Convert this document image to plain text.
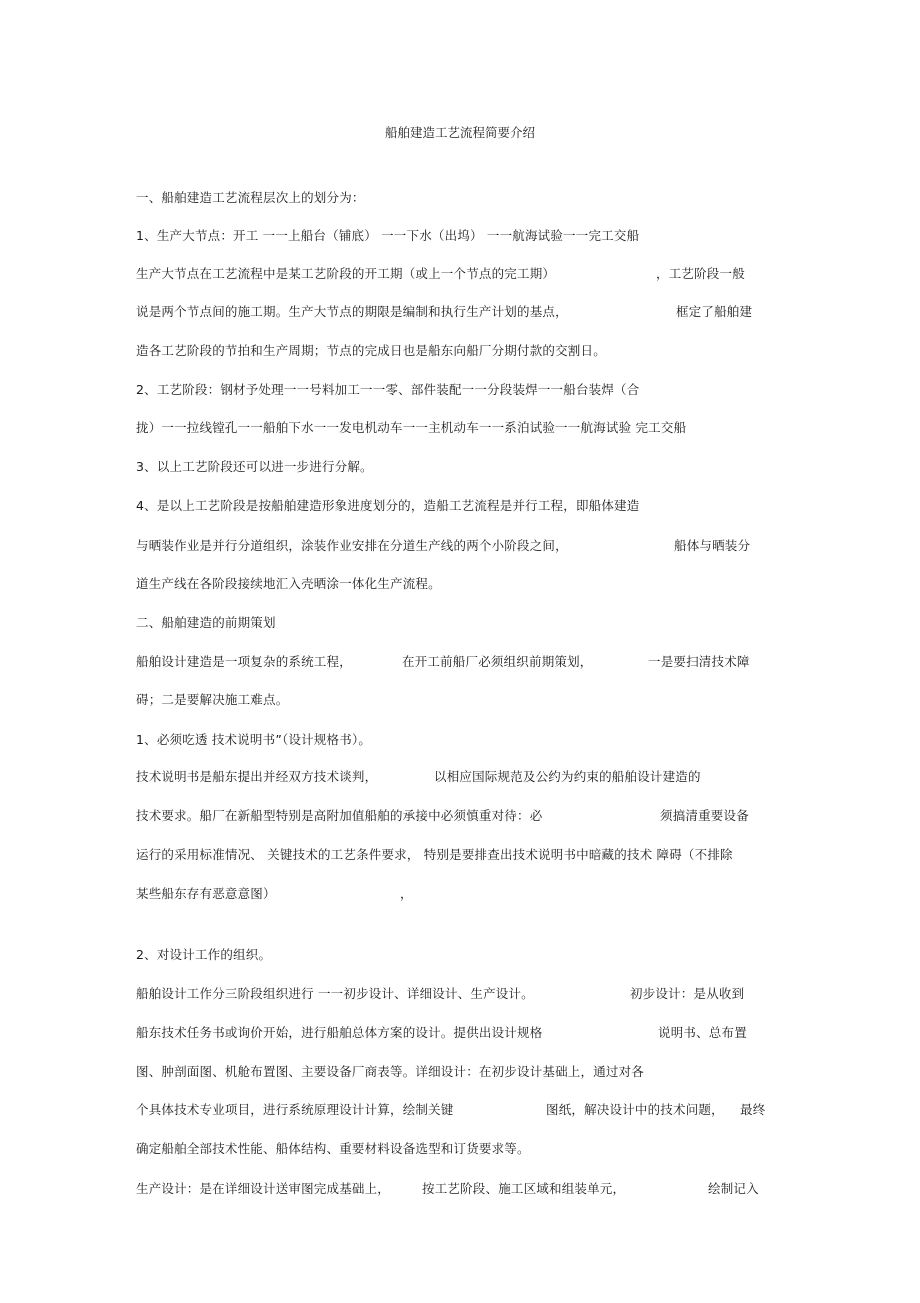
船舶建造工艺流程简要介绍
一、船舶建造工艺流程层次上的划分为：
1、生产大节点：开工 一一上船台（铺底） 一一下水（出坞） 一一航海试验一一完工交船
生产大节点在工艺流程中是某工艺阶段的开工期（或上一个节点的完工期）	，工艺阶段一般
说是两个节点间的施工期。生产大节点的期限是编制和执行生产计划的基点，	框定了船舶建
造各工艺阶段的节拍和生产周期；节点的完成日也是船东向船厂分期付款的交割日。
2、工艺阶段：钢材予处理一一号料加工一一零、部件装配一一分段装焊一一船台装焊（合
拢）一一拉线镗孔一一船舶下水一一发电机动车一一主机动车一一系泊试验一一航海试验 完工交船
3、以上工艺阶段还可以进一步进行分解。
4、是以上工艺阶段是按船舶建造形象进度划分的，造船工艺流程是并行工程，即船体建造
与晒装作业是并行分道组织，涂装作业安排在分道生产线的两个小阶段之间，	船体与晒装分
道生产线在各阶段接续地汇入壳晒涂一体化生产流程。
二、船舶建造的前期策划
船舶设计建造是一项复杂的系统工程，	在开工前船厂必须组织前期策划，	一是要扫清技术障
碍；二是要解决施工难点。
1、必须吃透 技术说明书”（设计规格书）。
技术说明书是船东提出并经双方技术谈判，	以相应国际规范及公约为约束的船舶设计建造的
技术要求。船厂在新船型特别是高附加值船舶的承接中必须慎重对待：必	须搞清重要设备
运行的采用标准情况、 关键技术的工艺条件要求， 特别是要排查出技术说明书中暗藏的技术 障碍（不排除
某些船东存有恶意意图）	，
2、对设计工作的组织。
船舶设计工作分三阶段组织进行 一一初步设计、详细设计、生产设计。	初步设计：是从收到
船东技术任务书或询价开始，进行船舶总体方案的设计。提供出设计规格	说明书、总布置
图、肿剖面图、机舱布置图、主要设备厂商表等。详细设计：在初步设计基础上，通过对各
个具体技术专业项目，进行系统原理设计计算，绘制关键	图纸，解决设计中的技术问题， 最终
确定船舶全部技术性能、船体结构、重要材料设备选型和订货要求等。
生产设计：是在详细设计送审图完成基础上，	按工艺阶段、施工区域和组装单元，	绘制记入
